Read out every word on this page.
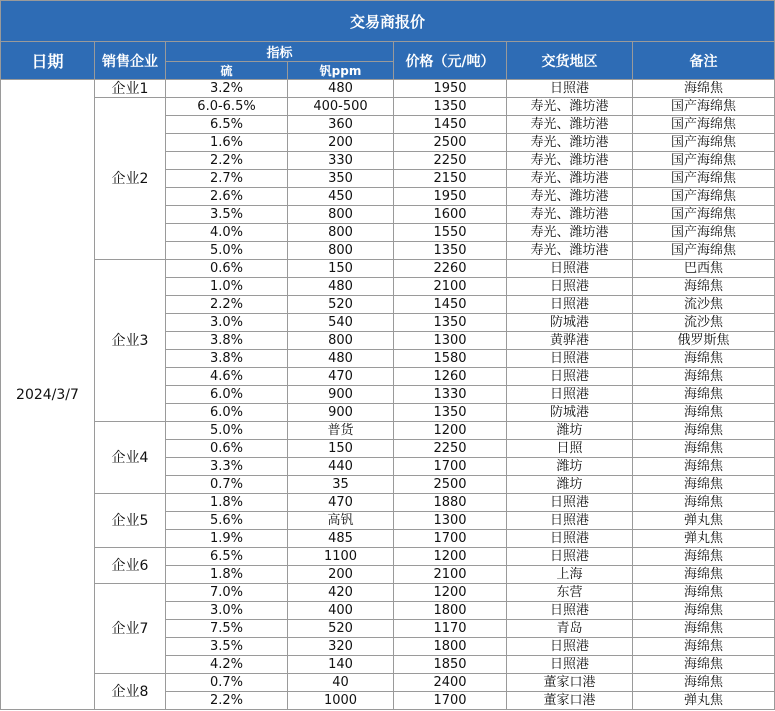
交易商报价						
日期	销售企业	指标		价格（元/吨）	交货地区	备注
		硫	钒ppm			
2024/3/7	企业1	3.2%	480	1950	日照港	海绵焦
	企业2	6.0-6.5%	400-500	1350	寿光、潍坊港	国产海绵焦
		6.5%	360	1450	寿光、潍坊港	国产海绵焦
		1.6%	200	2500	寿光、潍坊港	国产海绵焦
		2.2%	330	2250	寿光、潍坊港	国产海绵焦
		2.7%	350	2150	寿光、潍坊港	国产海绵焦
		2.6%	450	1950	寿光、潍坊港	国产海绵焦
		3.5%	800	1600	寿光、潍坊港	国产海绵焦
		4.0%	800	1550	寿光、潍坊港	国产海绵焦
		5.0%	800	1350	寿光、潍坊港	国产海绵焦
	企业3	0.6%	150	2260	日照港	巴西焦
		1.0%	480	2100	日照港	海绵焦
		2.2%	520	1450	日照港	流沙焦
		3.0%	540	1350	防城港	流沙焦
		3.8%	800	1300	黄骅港	俄罗斯焦
		3.8%	480	1580	日照港	海绵焦
		4.6%	470	1260	日照港	海绵焦
		6.0%	900	1330	日照港	海绵焦
		6.0%	900	1350	防城港	海绵焦
	企业4	5.0%	普货	1200	潍坊	海绵焦
		0.6%	150	2250	日照	海绵焦
		3.3%	440	1700	潍坊	海绵焦
		0.7%	35	2500	潍坊	海绵焦
	企业5	1.8%	470	1880	日照港	海绵焦
		5.6%	高钒	1300	日照港	弹丸焦
		1.9%	485	1700	日照港	弹丸焦
	企业6	6.5%	1100	1200	日照港	海绵焦
		1.8%	200	2100	上海	海绵焦
	企业7	7.0%	420	1200	东营	海绵焦
		3.0%	400	1800	日照港	海绵焦
		7.5%	520	1170	青岛	海绵焦
		3.5%	320	1800	日照港	海绵焦
		4.2%	140	1850	日照港	海绵焦
	企业8	0.7%	40	2400	董家口港	海绵焦
		2.2%	1000	1700	董家口港	弹丸焦
